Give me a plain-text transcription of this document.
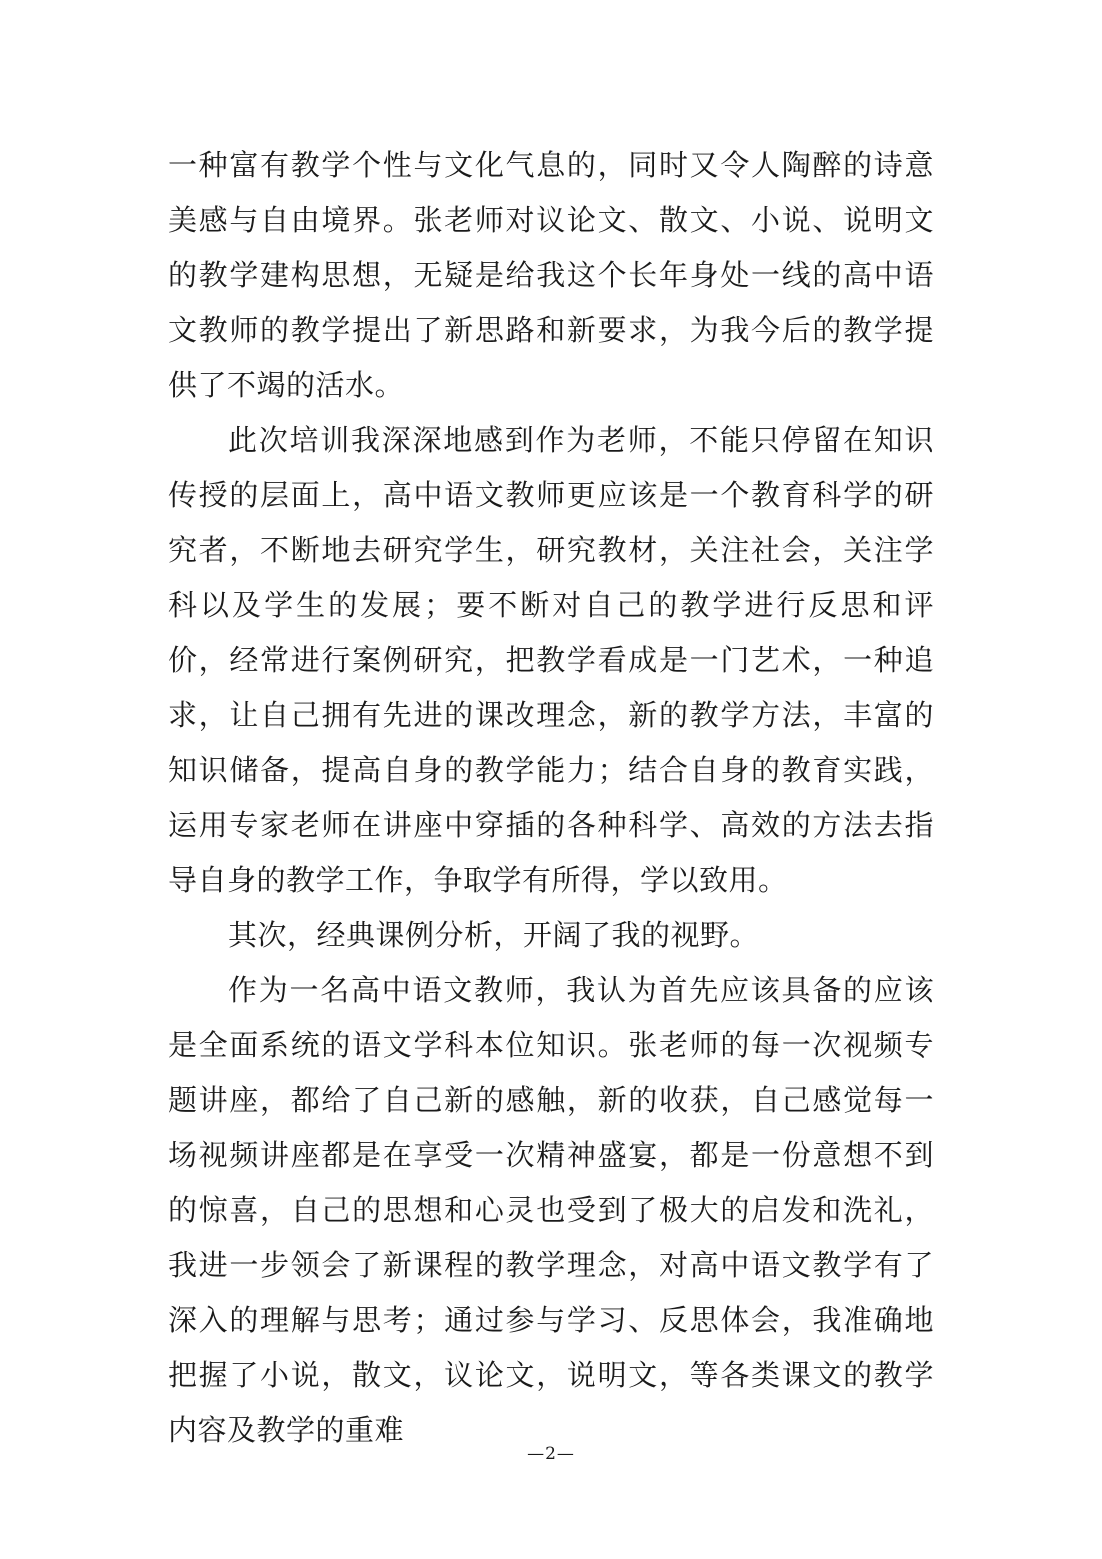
一种富有教学个性与文化气息的，同时又令人陶醉的诗意美感与自由境界。张老师对议论文、散文、小说、说明文的教学建构思想，无疑是给我这个长年身处一线的高中语文教师的教学提出了新思路和新要求，为我今后的教学提供了不竭的活水。

此次培训我深深地感到作为老师，不能只停留在知识传授的层面上，高中语文教师更应该是一个教育科学的研究者，不断地去研究学生，研究教材，关注社会，关注学科以及学生的发展；要不断对自己的教学进行反思和评价，经常进行案例研究，把教学看成是一门艺术，一种追求，让自己拥有先进的课改理念，新的教学方法，丰富的知识储备，提高自身的教学能力；结合自身的教育实践，运用专家老师在讲座中穿插的各种科学、高效的方法去指导自身的教学工作，争取学有所得，学以致用。

其次，经典课例分析，开阔了我的视野。

作为一名高中语文教师，我认为首先应该具备的应该是全面系统的语文学科本位知识。张老师的每一次视频专题讲座，都给了自己新的感触，新的收获，自己感觉每一场视频讲座都是在享受一次精神盛宴，都是一份意想不到的惊喜，自己的思想和心灵也受到了极大的启发和洗礼，我进一步领会了新课程的教学理念，对高中语文教学有了深入的理解与思考；通过参与学习、反思体会，我准确地把握了小说，散文，议论文，说明文，等各类课文的教学内容及教学的重难

—2—
